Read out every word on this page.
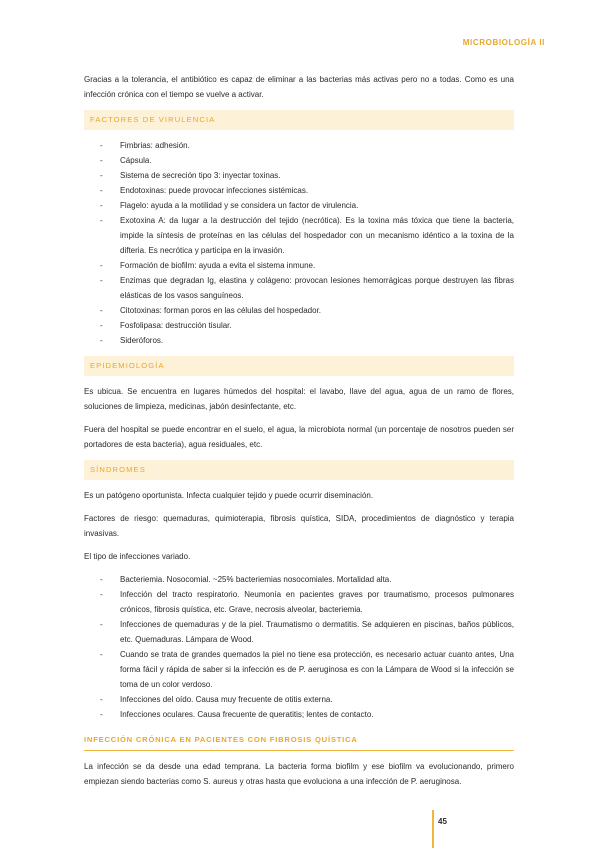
MICROBIOLOGÍA II

Gracias a la tolerancia, el antibiótico es capaz de eliminar a las bacterias más activas pero no a todas. Como es una infección crónica con el tiempo se vuelve a activar.

FACTORES DE VIRULENCIA
- Fimbrias: adhesión.
- Cápsula.
- Sistema de secreción tipo 3: inyectar toxinas.
- Endotoxinas: puede provocar infecciones sistémicas.
- Flagelo: ayuda a la motilidad y se considera un factor de virulencia.
- Exotoxina A: da lugar a la destrucción del tejido (necrótica). Es la toxina más tóxica que tiene la bacteria, impide la síntesis de proteínas en las células del hospedador con un mecanismo idéntico a la toxina de la difteria. Es necrótica y participa en la invasión.
- Formación de biofilm: ayuda a evita el sistema inmune.
- Enzimas que degradan Ig, elastina y colágeno: provocan lesiones hemorrágicas porque destruyen las fibras elásticas de los vasos sanguíneos.
- Citotoxinas: forman poros en las células del hospedador.
- Fosfolipasa: destrucción tisular.
- Sideróforos.
EPIDEMIOLOGÍA

Es ubicua. Se encuentra en lugares húmedos del hospital: el lavabo, llave del agua, agua de un ramo de flores, soluciones de limpieza, medicinas, jabón desinfectante, etc.

Fuera del hospital se puede encontrar en el suelo, el agua, la microbiota normal (un porcentaje de nosotros pueden ser portadores de esta bacteria), agua residuales, etc.

SÍNDROMES

Es un patógeno oportunista. Infecta cualquier tejido y puede ocurrir diseminación.

Factores de riesgo: quemaduras, quimioterapia, fibrosis quística, SIDA, procedimientos de diagnóstico y terapia invasivas.

El tipo de infecciones variado.

- Bacteriemia. Nosocomial. ~25% bacteriemias nosocomiales. Mortalidad alta.
- Infección del tracto respiratorio. Neumonía en pacientes graves por traumatismo, procesos pulmonares crónicos, fibrosis quística, etc. Grave, necrosis alveolar, bacteriemia.
- Infecciones de quemaduras y de la piel. Traumatismo o dermatitis. Se adquieren en piscinas, baños públicos, etc. Quemaduras. Lámpara de Wood.
- Cuando se trata de grandes quemados la piel no tiene esa protección, es necesario actuar cuanto antes, Una forma fácil y rápida de saber si la infección es de P. aeruginosa es con la Lámpara de Wood si la infección se toma de un color verdoso.
- Infecciones del oído. Causa muy frecuente de otitis externa.
- Infecciones oculares. Causa frecuente de queratitis; lentes de contacto.
INFECCIÓN CRÓNICA EN PACIENTES CON FIBROSIS QUÍSTICA

La infección se da desde una edad temprana. La bacteria forma biofilm y ese biofilm va evolucionando, primero empiezan siendo bacterias como S. aureus y otras hasta que evoluciona a una infección de P. aeruginosa.

45
